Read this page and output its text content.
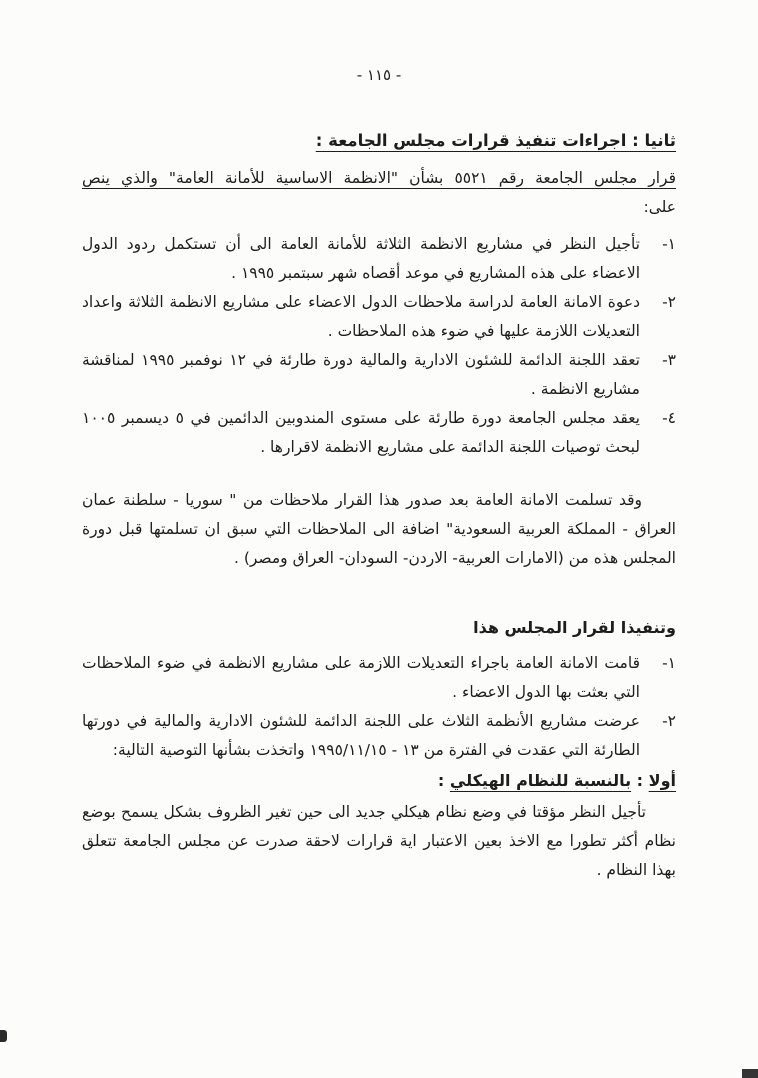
- ١١٥ -
ثانيا : اجراءات تنفيذ قرارات مجلس الجامعة :

قرار مجلس الجامعة رقم ٥٥٢١ بشأن "الانظمة الاساسية للأمانة العامة" والذي ينص
على:

١-
تأجيل النظر في مشاريع الانظمة الثلاثة للأمانة العامة الى أن تستكمل ردود الدول الاعضاء على هذه المشاريع في موعد أقصاه شهر سبتمبر ١٩٩٥ .
٢-
دعوة الامانة العامة لدراسة ملاحظات الدول الاعضاء على مشاريع الانظمة الثلاثة واعداد التعديلات اللازمة عليها في ضوء هذه الملاحظات .
٣-
تعقد اللجنة الدائمة للشئون الادارية والمالية دورة طارئة في ١٢ نوفمبر ١٩٩٥ لمناقشة مشاريع الانظمة .
٤-
يعقد مجلس الجامعة دورة طارئة على مستوى المندوبين الدائمين في ٥ ديسمبر ١٠٠٥ لبحث توصيات اللجنة الدائمة على مشاريع الانظمة لاقرارها .

وقد تسلمت الامانة العامة بعد صدور هذا القرار ملاحظات من " سوريا - سلطنة عمان العراق - المملكة العربية السعودية" اضافة الى الملاحظات التي سبق ان تسلمتها قبل دورة المجلس هذه من (الامارات العربية- الاردن- السودان- العراق ومصر) .

وتنفيذا لقرار المجلس هذا
١-
قامت الامانة العامة باجراء التعديلات اللازمة على مشاريع الانظمة في ضوء الملاحظات التي بعثت بها الدول الاعضاء .
٢-
عرضت مشاريع الأنظمة الثلاث على اللجنة الدائمة للشئون الادارية والمالية في دورتها الطارئة التي عقدت في الفترة من ١٣ - ١٩٩٥/١١/١٥ واتخذت بشأنها التوصية التالية:
أولا : بالنسبة للنظام الهيكلي :

تأجيل النظر مؤقتا في وضع نظام هيكلي جديد الى حين تغير الظروف بشكل يسمح بوضع نظام أكثر تطورا مع الاخذ بعين الاعتبار اية قرارات لاحقة صدرت عن مجلس الجامعة تتعلق بهذا النظام .
